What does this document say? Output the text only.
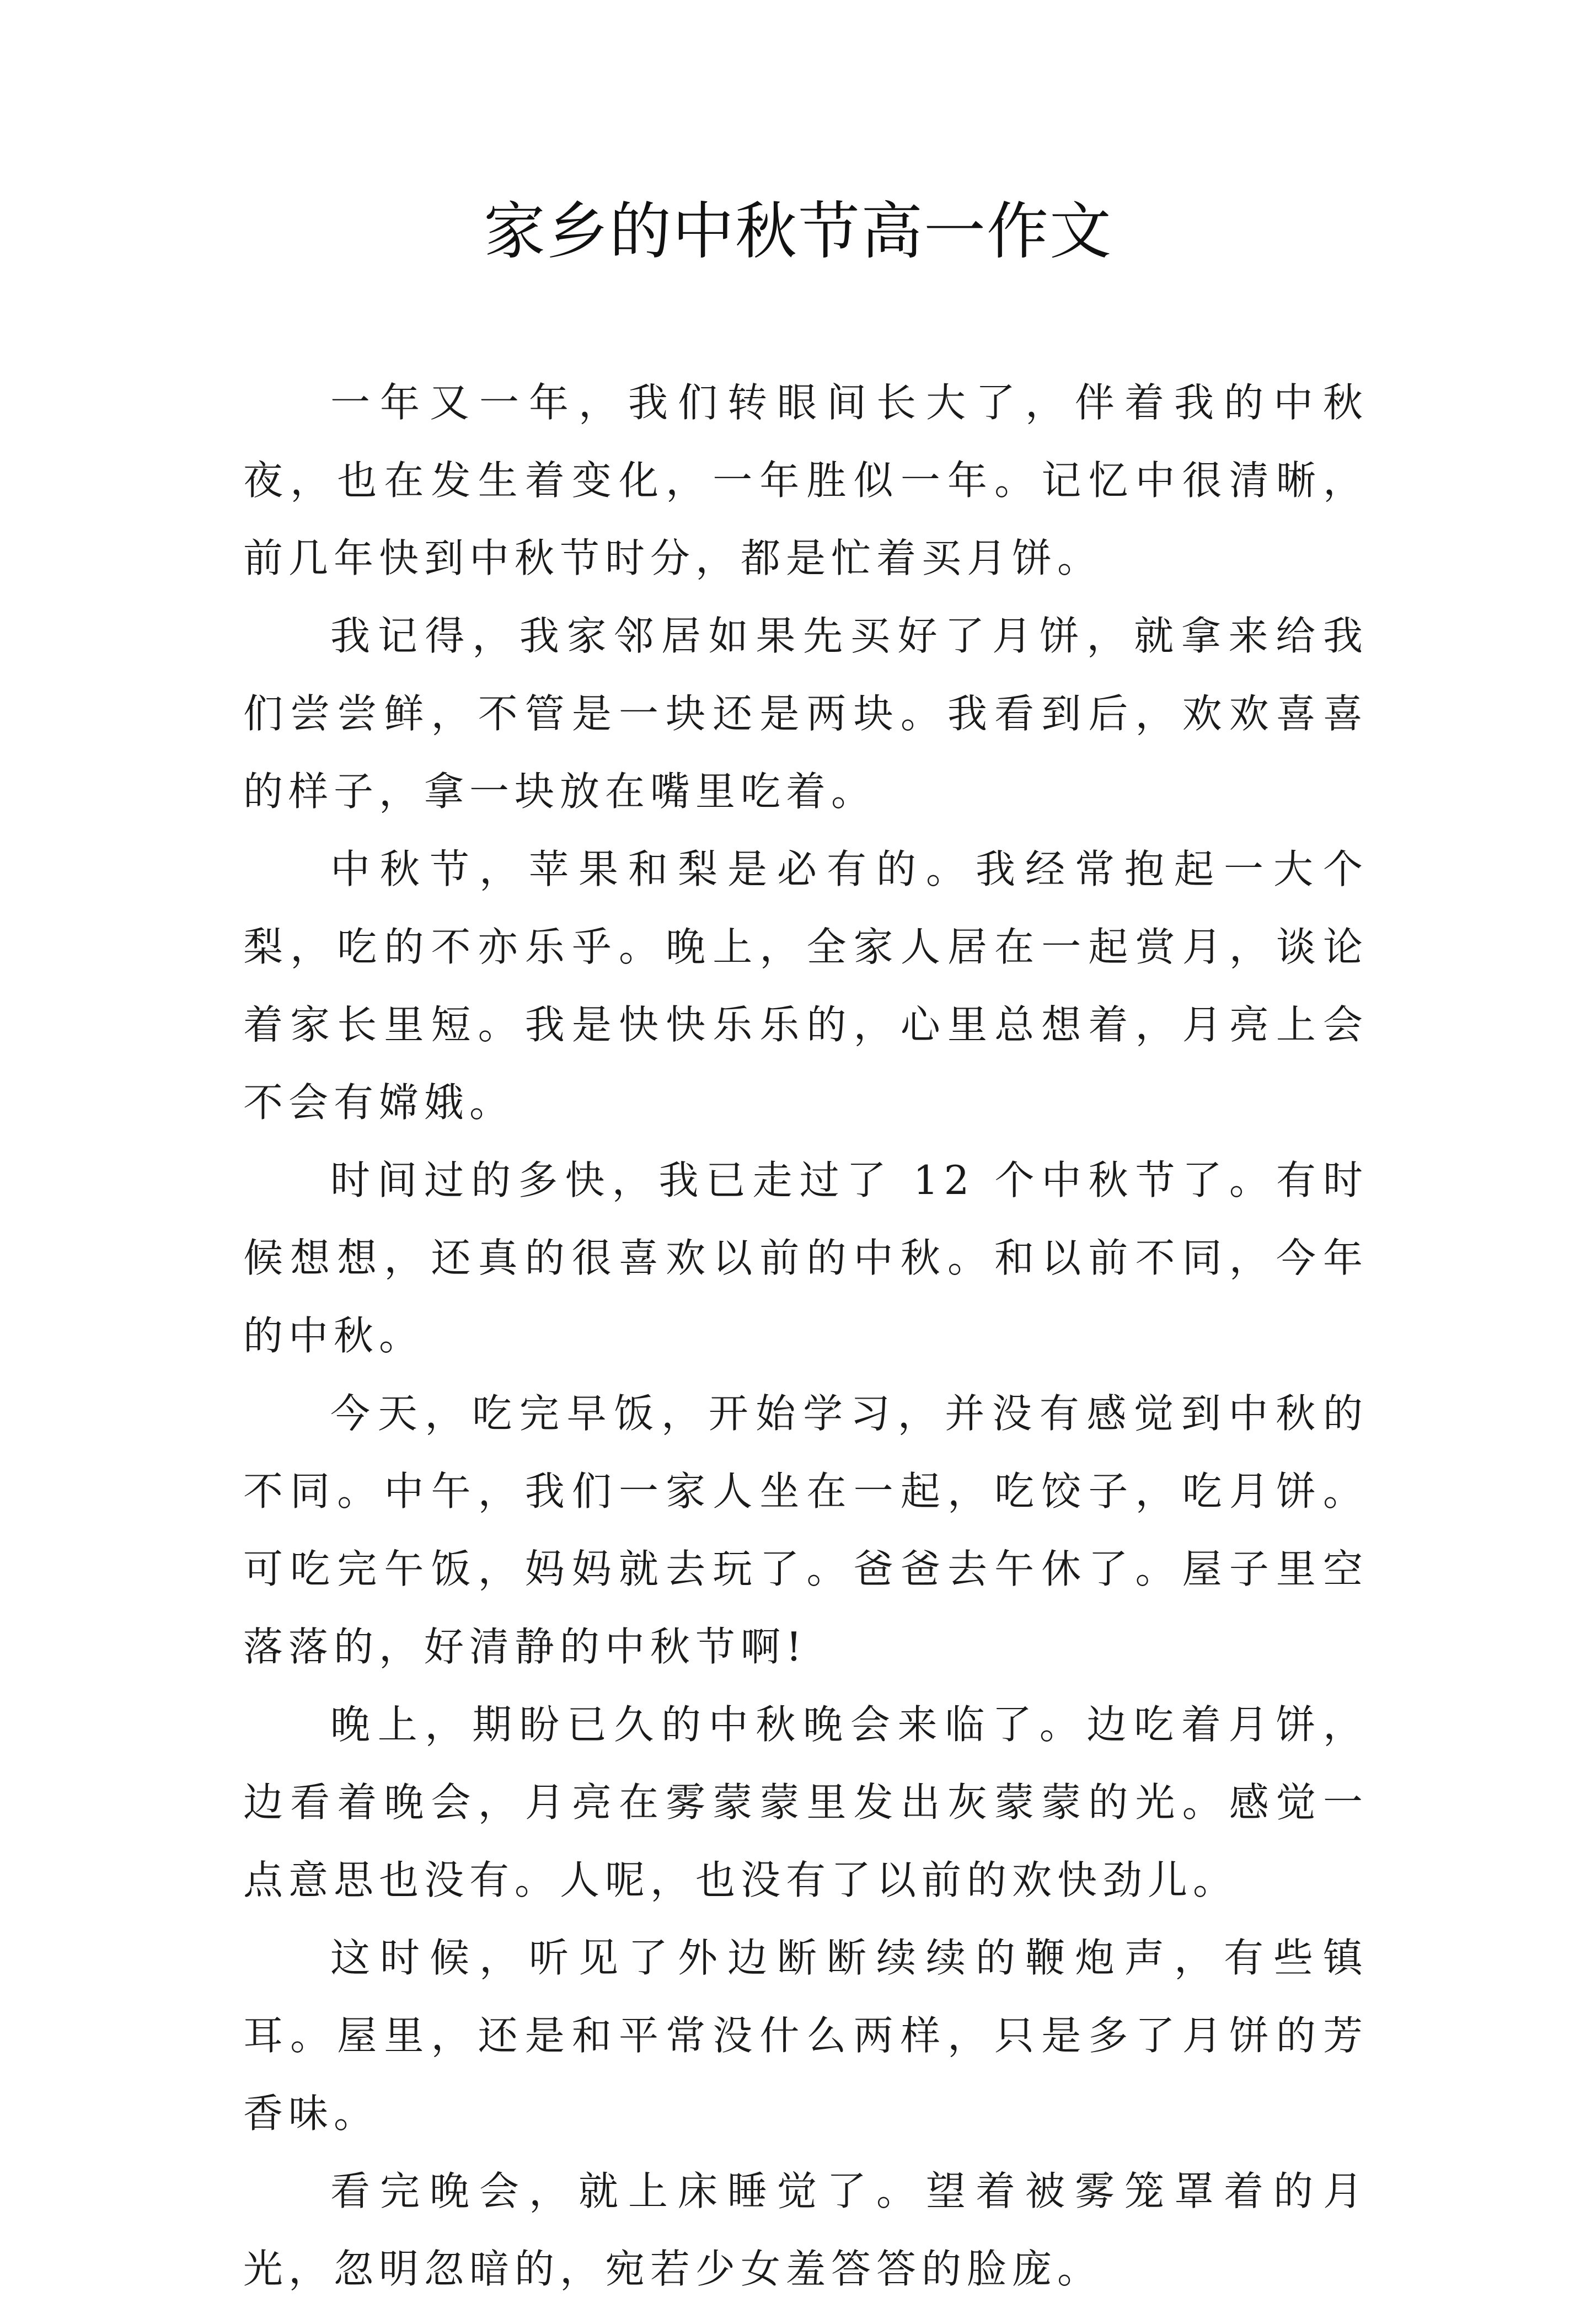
家乡的中秋节高一作文

一年又一年，我们转眼间长大了，伴着我的中秋夜，也在发生着变化，一年胜似一年。记忆中很清晰，前几年快到中秋节时分，都是忙着买月饼。

我记得，我家邻居如果先买好了月饼，就拿来给我们尝尝鲜，不管是一块还是两块。我看到后，欢欢喜喜的样子，拿一块放在嘴里吃着。

中秋节，苹果和梨是必有的。我经常抱起一大个梨，吃的不亦乐乎。晚上，全家人居在一起赏月，谈论着家长里短。我是快快乐乐的，心里总想着，月亮上会不会有嫦娥。

时间过的多快，我已走过了 12 个中秋节了。有时候想想，还真的很喜欢以前的中秋。和以前不同，今年的中秋。

今天，吃完早饭，开始学习，并没有感觉到中秋的不同。中午，我们一家人坐在一起，吃饺子，吃月饼。可吃完午饭，妈妈就去玩了。爸爸去午休了。屋子里空落落的，好清静的中秋节啊!

晚上，期盼已久的中秋晚会来临了。边吃着月饼，边看着晚会，月亮在雾蒙蒙里发出灰蒙蒙的光。感觉一点意思也没有。人呢，也没有了以前的欢快劲儿。

这时候，听见了外边断断续续的鞭炮声，有些镇耳。屋里，还是和平常没什么两样，只是多了月饼的芳香味。

看完晚会，就上床睡觉了。望着被雾笼罩着的月光，忽明忽暗的，宛若少女羞答答的脸庞。
